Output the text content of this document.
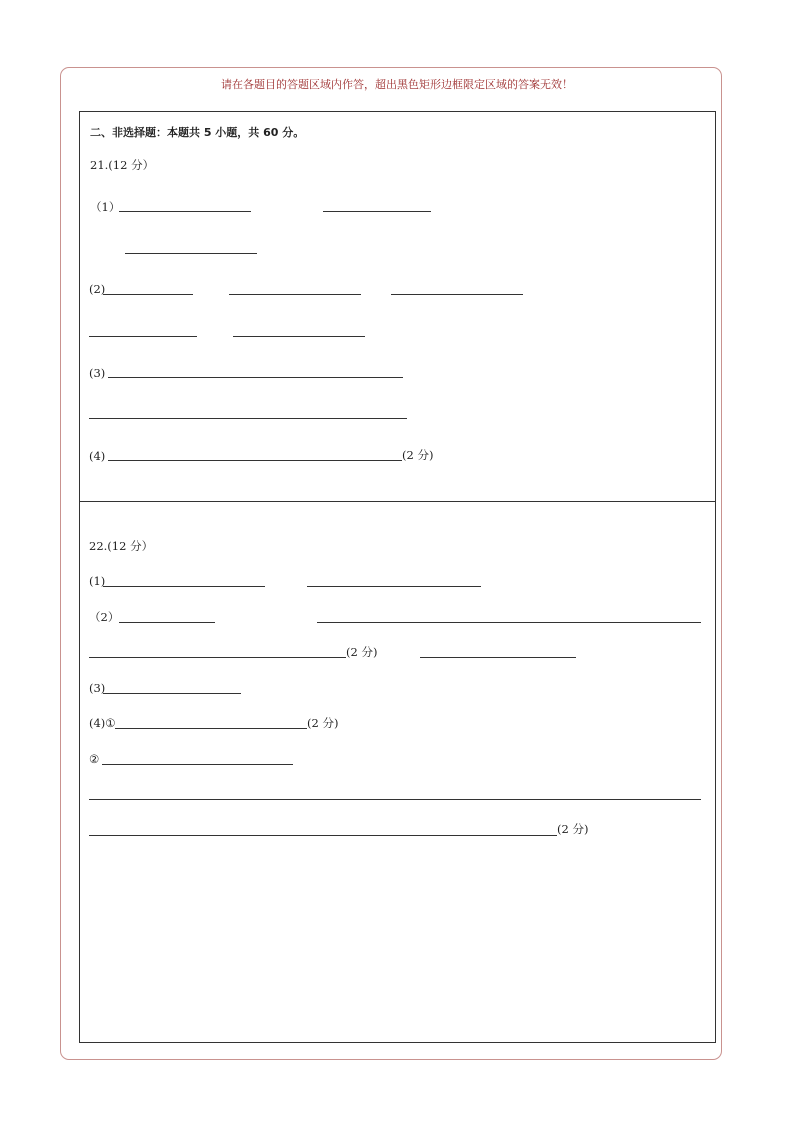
请在各题目的答题区域内作答，超出黑色矩形边框限定区域的答案无效！
二、非选择题：本题共 5 小题，共 60 分。
21.(12 分）
（1）
(2)
(3)
(4)	(2 分)
22.(12 分）
(1)
（2）
(2 分)
(3)
(4)①	(2 分)
②
(2 分)
